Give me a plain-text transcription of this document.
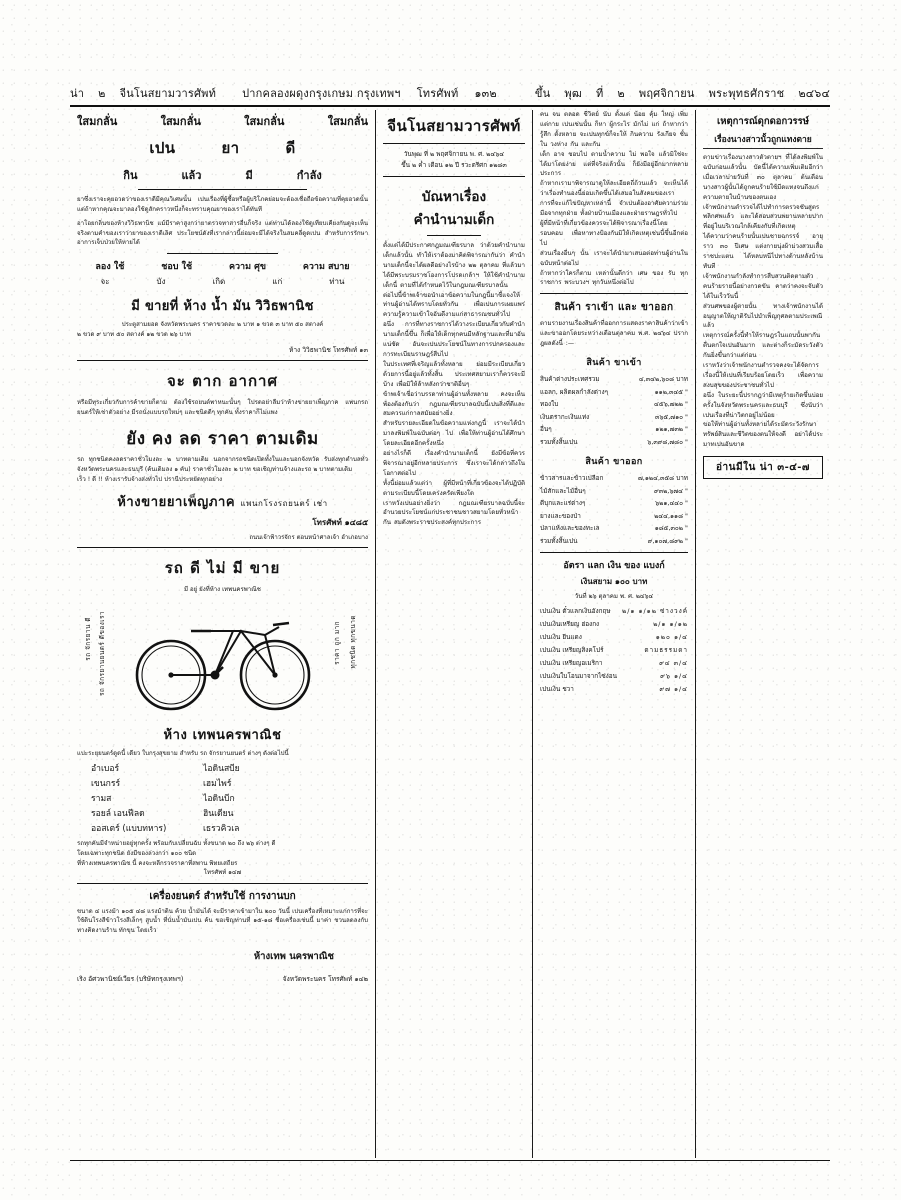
น่า ๒ จีนโนสยามวารศัพท์ ปากคลองผดุงกรุงเกษม กรุงเทพฯ โทรศัพท์ ๑๓๒	ขึ้น พุฒ ที่ ๒ พฤศจิกายน พระพุทธศักราช ๒๔๖๔
ใสมกลั่น	ใสมกลั่น	ใสมกลั่น	ใสมกลั่น
เปน	ยา	ดี
กิน	แล้ว	มี	กำลัง
ยาซึ่งเราจะคุยอวดว่าของเราดีมีคุณวิเศษนั้น เปนเรื่องที่ผู้ซื้อหรือผู้บริโภคย่อมจะต้องเชื่อถือข้อความที่คุยอวดนั้น แต่ถ้าหากคุณจะมาลองใช้ดูสักคราวหนึ่งก็จะทราบคุณยาของเราได้ทันที
อาโอยกลิ่นของห้างวิวิธพานิช แม้มีราคาสูงกว่ายาตรวจทาสารอื่นก็จริง แต่ท่านได้ลองใช้ดูเทียบเคียงกันดูจะเห็นจริงตามคำของเราว่ายาของเราดีเลิศ ประโยชน์ดังที่เรากล่าวนี้ย่อมจะมีได้จริงในสมคลี่ดูดเปน สำหรับการรักษาอาการเจ็บป่วยให้หายได้
ลอง ใช้	ชอบ ใช้	ความ ศุข	ความ สบาย
จะ	บัง	เกิด	แก่	ท่าน
มี ขายที่ ห้าง น้ำ มัน วิวิธพานิช
ประตูสามยอด จังหวัดพระนคร ราคาขวดละ ๒ บาท ๑ ขวด ๓ บาท ๕๐ สตางค์
๒ ขวด ๙ บาท ๕๐ สตางค์ ๑๒ ขวด ๒๖ บาท
ห้าง วิวิธพานิช โทรศัพท์ ๑๓
จะ ตาก อากาศ
หรือมีทุระเกี่ยวกับการค้าขายก็ตาม ต้องใช้รถยนต์พาหนะนั้นๆ โปรดอย่าลืมว่าห้างขายยาเพ็ญภาค แพนกรถยนตร์ให้เช่าตัวอย่าง มีรถนั่งแบบรถใหม่ๆ และชนิดดีๆ ทุกคัน ทั้งราคาก็ไม่แพง
ยัง คง ลด ราคา ตามเดิม
รถ ทุกชนิดคงลดราคาชั่วโมงละ ๒ บาทตามเดิม นอกจากรถชนิดเปิดทั้งในและนอกจังหวัด รับส่งทุกตำบลทั่วจังหวัดพระนครและธนบุรี (ค้นเดิมลง ๑ คัน) ราคาชั่วโมงละ ๒ บาท ขอเชิญท่านจ้างและรถ ๒ บาทตามเดิม
เร็ว ! ดี !! ห้างเรารับจ้างส่งทั่วไป ปรานีประหยัดทุกอย่าง
ห้างขายยาเพ็ญภาค แพนกโรงรถยนตร์ เช่า
โทรศัพท์ ๑๔๘๕
ถนนเจ้าฟ้าวรจักร ตอนหน้าศาลเจ้า อำเภอบาง
รถ ดี ไม่ มี ขาย
มี อยู่ ยังที่ห้าง เทพนครพาณิช
รถ จักรยาน ดี รถ จักรยานยนตร์ ดีของเรา	ราคา ถูก มาก ทุกชนิด ทุกขนาด
ห้าง เทพนครพาณิช
แปะระยุยนตร์ดูดนี้ เดียว ใบกรุงสุขยาม สำหรับ รถ จักรยานยนตร์ ต่างๆ ดังต่อไปนี้
อำเบอร์	ไอดินสบีย
เขนกรร์	เฮมไพร์
รามส	ไอดินบีก
รอยล์ เอนฟีลด	ฮินเดียน
ออสเตร์ (แบบทหาร)	เธรวคิวเล
รถทุกคันมีจำหน่ายอยู่ทุกครั้ง พร้อมกับเปลี่ยนฉับ ทั้งขนาด ๒๐ ถึง ๒๖ ต่างๆ ดี
โดยเฉพาะทุกชนิด ยังมีของล่วงกว่า ๑๐๐ ชนิด
ที่ห้างเทพนครพาณิช นี้ คงจะหลีกรวจราคาที่สพาน พิทยเสถียร
โทรศัพท์ ๑๔๗
เครื่องยนตร์ สำหรับใช้ การงานบก
ขนาด ๔ แรงม้า ๑๐๕ ๔๘ แรงม้าดิน ค้วย น้ำมันได้ จะมีราคาเข้ามาใน ๒๐๐ วันนี้ เปนเครื่องที่เหมาะแก่การที่จะใช้ดินโรงสีข้าวโรงสีเล็กๆ สูบน้ำ ที่นั่นน้ำมันเปน ค้น ขอเชิญท่านที่ ๑๕-๑๘ ชื่อเครื่องเช่นนี้ มาค่า ชวนลดลงกับทางคิดงานร้าน ทักขุน โดยเร็ว
ห้างเทพ นครพาณิช
เริง อัศวพานิชย์เวียร (บริษัทกรุงเทพฯ)	จังหวัดพระนคร โทรศัพท์ ๑๔๒
จีนโนสยามวารศัพท์
วันพุฒ ที่ ๒ พฤศจิกายน พ. ศ. ๒๔๖๔
ขึ้น ๒ ค่ำ เดือน ๑๒ ปี รวะตรีศก ๑๒๘๓
บัณหาเรื่อง
คำนำนามเด็ก
ตั้งแต่ได้มีประกาศกฎมณเฑียรบาล ว่าด้วยคำนำนามเด็กแล้วนั้น ทำให้เราต้องมาคิดพิจารณากันว่า คำนำนามเด็กนี้จะได้ผลดีอย่างไรบ้าง ๒๒ ตุลาคม ที่แล้วมา ได้มีพระบรมราชโองการโปรดเกล้าฯ ให้ใช้คำนำนามเด็กนี้ ตามที่ได้กำหนดไว้ในกฎมณเฑียรบาลนั้น
ต่อไปนี้ข้าพเจ้าขอนำเอาข้อความในกฎนี้มาชี้แจงให้ท่านผู้อ่านได้ทราบโดยทั่วกัน เพื่อเปนการเผยแพร่ความรู้ความเข้าใจอันดีงามแก่สาธารณชนทั่วไป
อนึ่ง การที่ทางราชการได้วางระเบียบเกี่ยวกับคำนำนามเด็กนี้ขึ้น ก็เพื่อให้เด็กทุกคนมีหลักฐานและที่มาอันแน่ชัด อันจะเปนประโยชน์ในทางการปกครองและการทะเบียนราษฎร์สืบไป
ในประเทศที่เจริญแล้วทั้งหลาย ย่อมมีระเบียบเกี่ยวด้วยการนี้อยู่แล้วทั้งสิ้น ประเทศสยามเราก็ควรจะมีบ้าง เพื่อมิให้ล้าหลังกว่าชาติอื่นๆ
ข้าพเจ้าเชื่อว่าบรรดาท่านผู้อ่านทั้งหลาย คงจะเห็นพ้องต้องกันว่า กฎมณเฑียรบาลฉบับนี้เปนสิ่งที่ดีและสมควรแก่กาลสมัยอย่างยิ่ง
สำหรับรายละเอียดในข้อความแห่งกฎนี้ เราจะได้นำมาลงพิมพ์ในฉบับต่อๆ ไป เพื่อให้ท่านผู้อ่านได้ศึกษาโดยละเอียดอีกครั้งหนึ่ง
อย่างไรก็ดี เรื่องคำนำนามเด็กนี้ ยังมีข้อที่ควรพิจารณาอยู่อีกหลายประการ ซึ่งเราจะได้กล่าวถึงในโอกาสต่อไป
ทั้งนี้ย่อมแล้วแต่ว่า ผู้ที่มีหน้าที่เกี่ยวข้องจะได้ปฏิบัติตามระเบียบนี้โดยเคร่งครัดเพียงใด
เราหวังเปนอย่างยิ่งว่า กฎมณเฑียรบาลฉบับนี้จะอำนวยประโยชน์แก่ประชาชนชาวสยามโดยทั่วหน้ากัน สมดังพระราชประสงค์ทุกประการ
คน จน ตลอด ชีวิตย์ นับ ตั้งแต่ น้อย คุ้ม ใหญ่ เพิ่ม แต่กาย เปนเช่นนั้น ก็หา ผู้กระไร มักไม่ แก่ ถ้าหากว่า รู้สึก ตั้งหลาย จะเปนทุกข์ก็จะให้ กินความ รังเกียจ ชั้นใน วงห่าง กัน และกัน
เด็ก อาจ ชอบไป ตามน้ำความ ไม่ พอใจ แล้วมิใช่จะได้มาโดยง่าย แต่ที่จริงแล้วนั้น ก็ยังมีอยู่อีกมากหลายประการ
ถ้าหากเรามาพิจารณาดูให้ละเอียดถี่ถ้วนแล้ว จะเห็นได้ว่าเรื่องทำนองนี้ย่อมเกิดขึ้นได้เสมอในสังคมของเรา
การที่จะแก้ไขปัญหาเหล่านี้ จำเปนต้องอาศัยความร่วมมือจากทุกฝ่าย ทั้งฝ่ายบ้านเมืองและฝ่ายราษฎรทั่วไป
ผู้ที่มีหน้าที่เกี่ยวข้องควรจะได้พิจารณาเรื่องนี้โดยรอบคอบ เพื่อหาทางป้องกันมิให้เกิดเหตุเช่นนี้ขึ้นอีกต่อไป
ส่วนเรื่องอื่นๆ นั้น เราจะได้นำมาเสนอต่อท่านผู้อ่านในฉบับหน้าต่อไป
ถ้าหากว่าใครก็ตาม เหล่านั้นดีกว่า เศษ ของ รับ ทุก ราชการ พระบวงฯ ทุกวันหนึ่งต่อไป
สินค้า ราเข้า และ ขาออก
ตามรายงานเรื่องสินค้าที่ออกการแสดงราคาสินค้าว่าเข้าและขาออกโดยระหว่างเดือนตุลาคม พ.ศ. ๒๔๖๔ ปรากฎผลดังนี้ :—
สินค้า ขาเข้า
สินค้าต่างประเทศรวม	๔,๓๔๒,๖๐๘ บาท
แอลก, ผลิตผลกำลังต่างๆ	๑๑๒,๓๔๕ "
ทองใบ	๔๕๖,๗๒๒ "
เงินตรากะเงินแท่ง	๓๖๕,๗๑๐ "
อื่นๆ	๑๒๑,๗๓๒ "
รวมทั้งสิ้นเปน	๖,๓๙๘,๗๘๐ "
สินค้า ขาออก
ข้าวสารและข้าวเปลือก	๗,๑๒๔,๓๕๘ บาท
ไม้สักและไม้อื่นๆ	๙๓๒,๖๗๔ "
ดีบุกและแร่ต่างๆ	๖๒๑,๔๔๐ "
ยางและของป่า	๒๔๔,๑๑๘ "
ปลาแห้งและของทะเล	๑๘๕,๓๐๒ "
รวมทั้งสิ้นเปน	๙,๑๐๗,๘๙๒ "
อัตรา แลก เงิน ของ แบงก์
เงินสยาม ๑๐๐ บาท
วันที่ ๒๖ ตุลาคม พ. ศ. ๒๔๖๔
เปนเงิน ตั๋วแลกเงินอังกฤษ	๒/๑ ๑/๑๒ ซ่างวงค์
เปนเงินเหรียญ ฮ่องกง	๒/๑ ๑/๑๒
เปนเงิน ยีนแดง	๑๒๐ ๑/๔
เปนเงิน เหรียญสิงคโปร์	ตามธรรมดา
เปนเงิน เหรียญอเมริกา	๙๔ ๓/๔
เปนเงินใบโอนมาจากไซ่ง่อน	๙๖ ๑/๔
เปนเงิน ชวา	๙๗ ๑/๔
เหตุการณ์ดุกดอกวรรษ์
เรื่องนางสาวนั้วถูกแทงตาย
ตามข่าวเรื่องนางสาวตัวตายฯ ที่ได้ลงพิมพ์ในฉบับก่อนแล้วนั้น บัดนี้ได้ความเพิ่มเติมอีกว่า เมื่อเวลาบ่ายวันที่ ๓๐ ตุลาคม ต้นเดือน นางสาวผู้นั้นได้ถูกคนร้ายใช้มีดแทงจนถึงแก่ความตายในบ้านของตนเอง
เจ้าพนักงานตำรวจได้ไปทำการตรวจชันสูตรพลิกศพแล้ว และได้สอบสวนพยานหลายปากที่อยู่ในบริเวณใกล้เคียงกับที่เกิดเหตุ
ได้ความว่าคนร้ายนั้นเปนชายฉกรรจ์ อายุราว ๓๐ ปีเศษ แต่งกายนุ่งผ้าม่วงสวมเสื้อราชปะแตน ได้หลบหนีไปทางด้านหลังบ้านทันที
เจ้าพนักงานกำลังทำการสืบสวนติดตามตัวคนร้ายรายนี้อย่างกวดขัน คาดว่าคงจะจับตัวได้ในเร็ววันนี้
ส่วนศพของผู้ตายนั้น ทางเจ้าพนักงานได้อนุญาตให้ญาติรับไปบำเพ็ญกุศลตามประเพณีแล้ว
เหตุการณ์ครั้งนี้ทำให้ราษฎรในแถบนั้นพากันตื่นตกใจเปนอันมาก และต่างก็ระมัดระวังตัวกันยิ่งขึ้นกว่าแต่ก่อน
เราหวังว่าเจ้าพนักงานตำรวจคงจะได้จัดการเรื่องนี้ให้เปนที่เรียบร้อยโดยเร็ว เพื่อความสงบสุขของประชาชนทั่วไป
อนึ่ง ในระยะนี้ปรากฎว่ามีเหตุร้ายเกิดขึ้นบ่อยครั้งในจังหวัดพระนครและธนบุรี ซึ่งนับว่าเปนเรื่องที่น่าวิตกอยู่ไม่น้อย
ขอให้ท่านผู้อ่านทั้งหลายได้ระมัดระวังรักษาทรัพย์สินและชีวิตของตนให้จงดี อย่าได้ประมาทเปนอันขาด
อ่านมีใน น่า ๓-๔-๗
